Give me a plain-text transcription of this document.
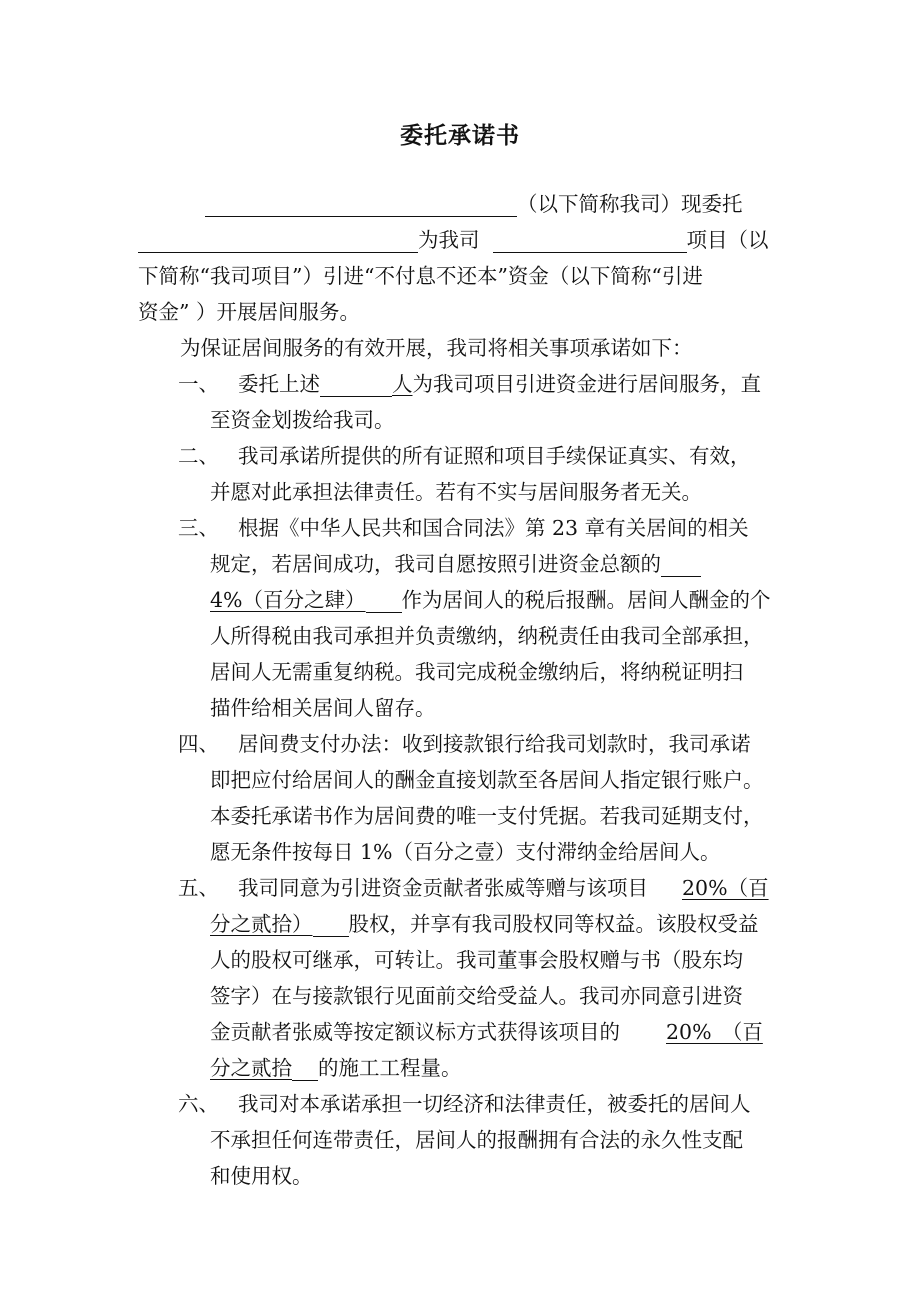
委托承诺书
（以下简称我司）现委托
为我司	项目（以
下简称“我司项目”）引进“不付息不还本”资金（以下简称“引进
资金” ）开展居间服务。
为保证居间服务的有效开展，我司将相关事项承诺如下：
一、 委托上述	人为我司项目引进资金进行居间服务，直
至资金划拨给我司。
二、 我司承诺所提供的所有证照和项目手续保证真实、有效，
并愿对此承担法律责任。若有不实与居间服务者无关。
三、 根据《中华人民共和国合同法》第 23 章有关居间的相关
规定，若居间成功，我司自愿按照引进资金总额的
4%（百分之肆） 作为居间人的税后报酬。居间人酬金的个
人所得税由我司承担并负责缴纳，纳税责任由我司全部承担，
居间人无需重复纳税。我司完成税金缴纳后，将纳税证明扫
描件给相关居间人留存。
四、 居间费支付办法：收到接款银行给我司划款时，我司承诺
即把应付给居间人的酬金直接划款至各居间人指定银行账户。
本委托承诺书作为居间费的唯一支付凭据。若我司延期支付，
愿无条件按每日 1%（百分之壹）支付滞纳金给居间人。
五、 我司同意为引进资金贡献者张威等赠与该项目 20%（百
分之贰拾） 股权，并享有我司股权同等权益。该股权受益
人的股权可继承，可转让。我司董事会股权赠与书（股东均
签字）在与接款银行见面前交给受益人。我司亦同意引进资
金贡献者张威等按定额议标方式获得该项目的 20%　（百
分之贰拾 的施工工程量。
六、 我司对本承诺承担一切经济和法律责任，被委托的居间人
不承担任何连带责任，居间人的报酬拥有合法的永久性支配
和使用权。
